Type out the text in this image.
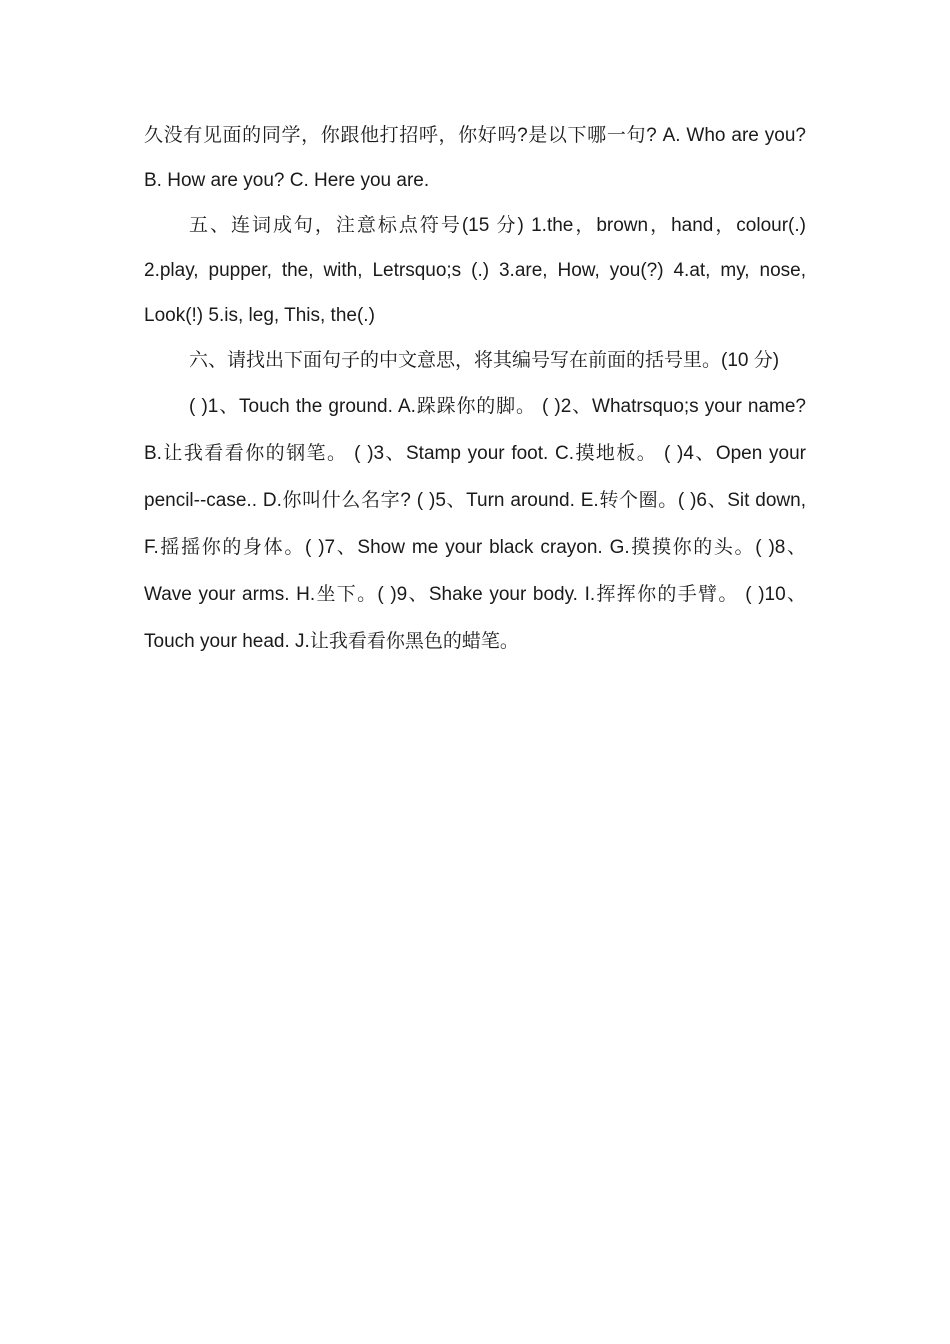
久没有见面的同学，你跟他打招呼，你好吗?是以下哪一句? A. Who are you? B. How are you? C. Here you are.

五、连词成句，注意标点符号(15 分) 1.the，brown，hand，colour(.) 2.play, pupper, the, with, Letrsquo;s (.) 3.are, How, you(?) 4.at, my, nose, Look(!) 5.is, leg, This, the(.)

六、请找出下面句子的中文意思，将其编号写在前面的括号里。(10 分)

( )1、Touch the ground. A.跺跺你的脚。 ( )2、Whatrsquo;s your name? B.让我看看你的钢笔。 ( )3、Stamp your foot. C.摸地板。 ( )4、Open your pencil--case.. D.你叫什么名字? ( )5、Turn around. E.转个圈。( )6、Sit down, F.摇摇你的身体。( )7、Show me your black crayon. G.摸摸你的头。( )8、Wave your arms. H.坐下。( )9、Shake your body. I.挥挥你的手臂。 ( )10、Touch your head. J.让我看看你黑色的蜡笔。
